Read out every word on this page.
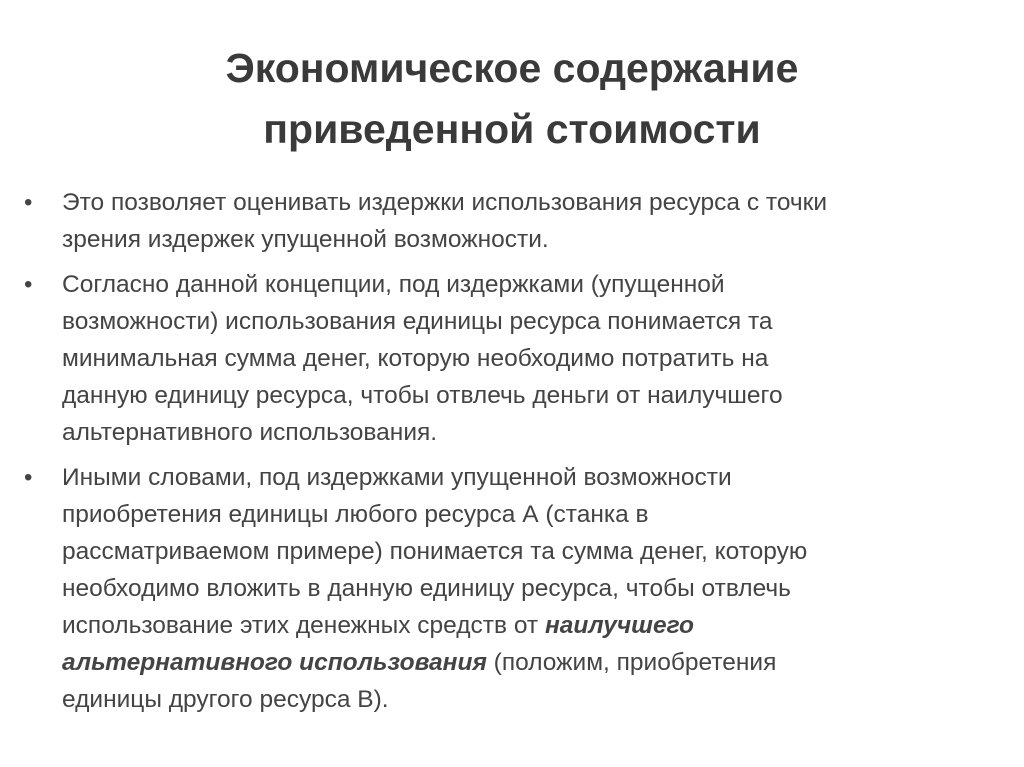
Экономическое содержание
приведенной стоимости
• Это позволяет оценивать издержки использования ресурса с точки
зрения издержек упущенной возможности.
• Согласно данной концепции, под издержками (упущенной
возможности) использования единицы ресурса понимается та
минимальная сумма денег, которую необходимо потратить на
данную единицу ресурса, чтобы отвлечь деньги от наилучшего
альтернативного использования.
• Иными словами, под издержками упущенной возможности
приобретения единицы любого ресурса А (станка в
рассматриваемом примере) понимается та сумма денег, которую
необходимо вложить в данную единицу ресурса, чтобы отвлечь
использование этих денежных средств от наилучшего
альтернативного использования (положим, приобретения
единицы другого ресурса В).
